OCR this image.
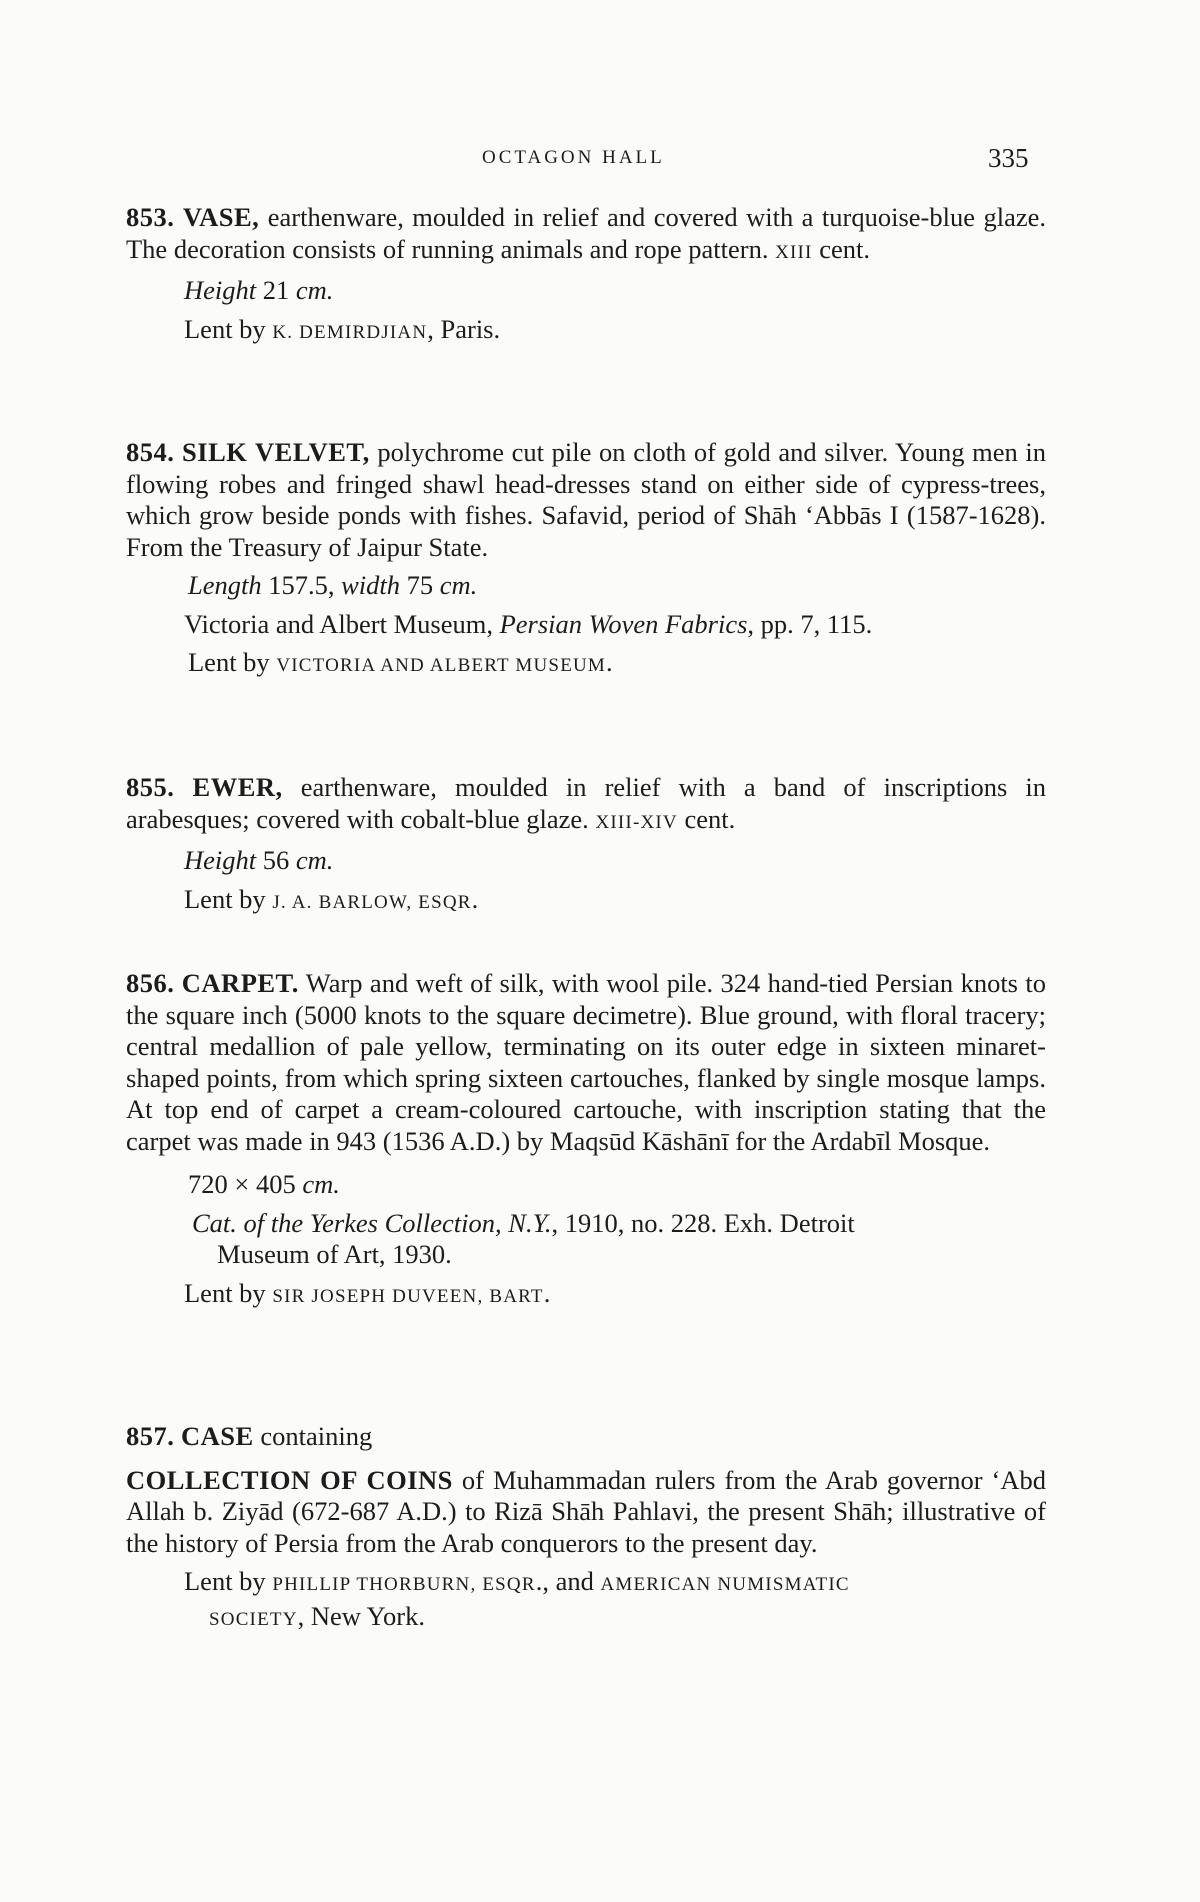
OCTAGON HALL	335

853. VASE, earthenware, moulded in relief and covered with a turquoise-blue glaze. The decoration consists of running animals and rope pattern. XIII cent.

Height 21 cm.

Lent by K. DEMIRDJIAN, Paris.

854. SILK VELVET, polychrome cut pile on cloth of gold and silver. Young men in flowing robes and fringed shawl head-dresses stand on either side of cypress-trees, which grow beside ponds with fishes. Safavid, period of Shāh ʻAbbās I (1587-1628). From the Treasury of Jaipur State.

Length 157.5, width 75 cm.

Victoria and Albert Museum, Persian Woven Fabrics, pp. 7, 115.

Lent by VICTORIA AND ALBERT MUSEUM.

855. EWER, earthenware, moulded in relief with a band of inscriptions in arabesques; covered with cobalt-blue glaze. XIII-XIV cent.

Height 56 cm.

Lent by J. A. BARLOW, ESQR.

856. CARPET. Warp and weft of silk, with wool pile. 324 hand-tied Persian knots to the square inch (5000 knots to the square decimetre). Blue ground, with floral tracery; central medallion of pale yellow, terminating on its outer edge in sixteen minaret-shaped points, from which spring sixteen cartouches, flanked by single mosque lamps. At top end of carpet a cream-coloured cartouche, with inscription stating that the carpet was made in 943 (1536 A.D.) by Maqsūd Kāshānī for the Ardabīl Mosque.

720 × 405 cm.

Cat. of the Yerkes Collection, N.Y., 1910, no. 228. Exh. Detroit
Museum of Art, 1930.

Lent by SIR JOSEPH DUVEEN, BART.

857. CASE containing

COLLECTION OF COINS of Muhammadan rulers from the Arab governor ʻAbd Allah b. Ziyād (672-687 A.D.) to Rizā Shāh Pahlavi, the present Shāh; illustrative of the history of Persia from the Arab conquerors to the present day.

Lent by PHILLIP THORBURN, ESQR., and AMERICAN NUMISMATIC
SOCIETY, New York.
